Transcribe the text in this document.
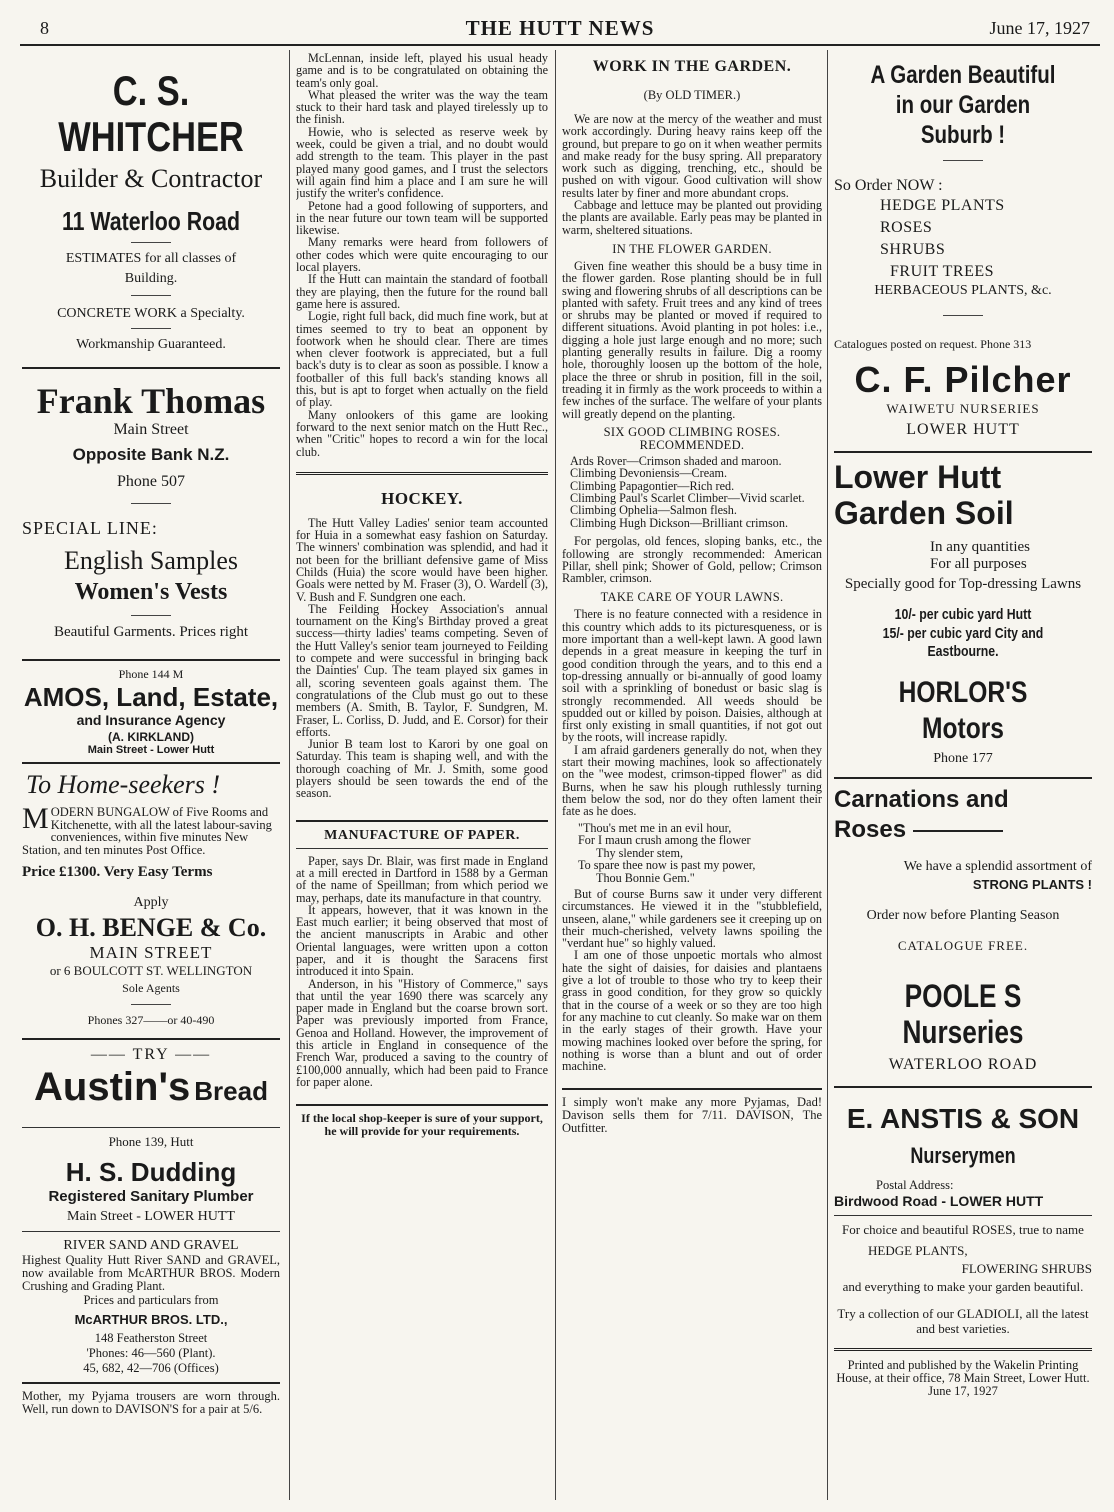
8	THE HUTT NEWS	June 17, 1927
C. S. WHITCHER
Builder & Contractor
11 Waterloo Road
ESTIMATES for all classes of Building.
CONCRETE WORK a Specialty.
Workmanship Guaranteed.
Frank Thomas
Main Street
Opposite Bank N.Z.
Phone 507
SPECIAL LINE:
English Samples
Women's Vests
Beautiful Garments. Prices right
Phone 144 M
AMOS, Land, Estate,
and Insurance Agency
(A. KIRKLAND)
Main Street - Lower Hutt
To Home-seekers !
MODERN BUNGALOW of Five Rooms and Kitchenette, with all the latest labour-saving conveniences, within five minutes New Station, and ten minutes Post Office.
Price £1300. Very Easy Terms
Apply
O. H. BENGE & Co.
MAIN STREET
or 6 BOULCOTT ST. WELLINGTON
Sole Agents
Phones 327——or 40-490
—— TRY ——
Austin's Bread
Phone 139, Hutt
H. S. Dudding
Registered Sanitary Plumber
Main Street - LOWER HUTT
RIVER SAND AND GRAVEL
Highest Quality Hutt River SAND and GRAVEL, now available from McARTHUR BROS. Modern Crushing and Grading Plant.
Prices and particulars from
McARTHUR BROS. LTD.,
148 Featherston Street
'Phones: 46—560 (Plant).
45, 682, 42—706 (Offices)
Mother, my Pyjama trousers are worn through. Well, run down to DAVISON'S for a pair at 5/6.

McLennan, inside left, played his usual heady game and is to be congratulated on obtaining the team's only goal.

What pleased the writer was the way the team stuck to their hard task and played tirelessly up to the finish.

Howie, who is selected as reserve week by week, could be given a trial, and no doubt would add strength to the team. This player in the past played many good games, and I trust the selectors will again find him a place and I am sure he will justify the writer's confidence.

Petone had a good following of supporters, and in the near future our town team will be supported likewise.

Many remarks were heard from followers of other codes which were quite encouraging to our local players.

If the Hutt can maintain the standard of football they are playing, then the future for the round ball game here is assured.

Logie, right full back, did much fine work, but at times seemed to try to beat an opponent by footwork when he should clear. There are times when clever footwork is appreciated, but a full back's duty is to clear as soon as possible. I know a footballer of this full back's standing knows all this, but is apt to forget when actually on the field of play.

Many onlookers of this game are looking forward to the next senior match on the Hutt Rec., when "Critic" hopes to record a win for the local club.

HOCKEY.

The Hutt Valley Ladies' senior team accounted for Huia in a somewhat easy fashion on Saturday. The winners' combination was splendid, and had it not been for the brilliant defensive game of Miss Childs (Huia) the score would have been higher. Goals were netted by M. Fraser (3), O. Wardell (3), V. Bush and F. Sundgren one each.

The Feilding Hockey Association's annual tournament on the King's Birthday proved a great success—thirty ladies' teams competing. Seven of the Hutt Valley's senior team journeyed to Feilding to compete and were successful in bringing back the Dainties' Cup. The team played six games in all, scoring seventeen goals against them. The congratulations of the Club must go out to these members (A. Smith, B. Taylor, F. Sundgren, M. Fraser, L. Corliss, D. Judd, and E. Corsor) for their efforts.

Junior B team lost to Karori by one goal on Saturday. This team is shaping well, and with the thorough coaching of Mr. J. Smith, some good players should be seen towards the end of the season.

MANUFACTURE OF PAPER.

Paper, says Dr. Blair, was first made in England at a mill erected in Dartford in 1588 by a German of the name of Speillman; from which period we may, perhaps, date its manufacture in that country.

It appears, however, that it was known in the East much earlier; it being observed that most of the ancient manuscripts in Arabic and other Oriental languages, were written upon a cotton paper, and it is thought the Saracens first introduced it into Spain.

Anderson, in his "History of Commerce," says that until the year 1690 there was scarcely any paper made in England but the coarse brown sort. Paper was previously imported from France, Genoa and Holland. However, the improvement of this article in England in consequence of the French War, produced a saving to the country of £100,000 annually, which had been paid to France for paper alone.

If the local shop-keeper is sure of your support, he will provide for your requirements.
WORK IN THE GARDEN.
(By OLD TIMER.)

We are now at the mercy of the weather and must work accordingly. During heavy rains keep off the ground, but prepare to go on it when weather permits and make ready for the busy spring. All preparatory work such as digging, trenching, etc., should be pushed on with vigour. Good cultivation will show results later by finer and more abundant crops.

Cabbage and lettuce may be planted out providing the plants are available. Early peas may be planted in warm, sheltered situations.

IN THE FLOWER GARDEN.

Given fine weather this should be a busy time in the flower garden. Rose planting should be in full swing and flowering shrubs of all descriptions can be planted with safety. Fruit trees and any kind of trees or shrubs may be planted or moved if required to different situations. Avoid planting in pot holes: i.e., digging a hole just large enough and no more; such planting generally results in failure. Dig a roomy hole, thoroughly loosen up the bottom of the hole, place the three or shrub in position, fill in the soil, treading it in firmly as the work proceeds to within a few inches of the surface. The welfare of your plants will greatly depend on the planting.

SIX GOOD CLIMBING ROSES. RECOMMENDED.

Ards Rover—Crimson shaded and maroon.

Climbing Devoniensis—Cream.

Climbing Papagontier—Rich red.

Climbing Paul's Scarlet Climber—Vivid scarlet.

Climbing Ophelia—Salmon flesh.

Climbing Hugh Dickson—Brilliant crimson.

For pergolas, old fences, sloping banks, etc., the following are strongly recommended: American Pillar, shell pink; Shower of Gold, pellow; Crimson Rambler, crimson.

TAKE CARE OF YOUR LAWNS.

There is no feature connected with a residence in this country which adds to its picturesqueness, or is more important than a well-kept lawn. A good lawn depends in a great measure in keeping the turf in good condition through the years, and to this end a top-dressing annually or bi-annually of good loamy soil with a sprinkling of bonedust or basic slag is strongly recommended. All weeds should be spudded out or killed by poison. Daisies, although at first only existing in small quantities, if not got out by the roots, will increase rapidly.

I am afraid gardeners generally do not, when they start their mowing machines, look so affectionately on the "wee modest, crimson-tipped flower" as did Burns, when he saw his plough ruthlessly turning them below the sod, nor do they often lament their fate as he does.

"Thou's met me in an evil hour,
For I maun crush among the flower
Thy slender stem,
To spare thee now is past my power,
Thou Bonnie Gem."

But of course Burns saw it under very different circumstances. He viewed it in the "stubblefield, unseen, alane," while gardeners see it creeping up on their much-cherished, velvety lawns spoiling the "verdant hue" so highly valued.

I am one of those unpoetic mortals who almost hate the sight of daisies, for daisies and plantaens give a lot of trouble to those who try to keep their grass in good condition, for they grow so quickly that in the course of a week or so they are too high for any machine to cut cleanly. So make war on them in the early stages of their growth. Have your mowing machines looked over before the spring, for nothing is worse than a blunt and out of order machine.

I simply won't make any more Pyjamas, Dad! Davison sells them for 7/11. DAVISON, The Outfitter.
A Garden Beautiful
in our Garden Suburb !
So Order NOW :
HEDGE PLANTS
ROSES
SHRUBS
FRUIT TREES
HERBACEOUS PLANTS, &c.
Catalogues posted on request. Phone 313
C. F. Pilcher
WAIWETU NURSERIES
LOWER HUTT
Lower Hutt
Garden Soil
In any quantities
For all purposes
Specially good for Top-dressing Lawns
10/- per cubic yard Hutt
15/- per cubic yard City and Eastbourne.
HORLOR'S Motors
Phone 177
Carnations and
Roses
We have a splendid assortment of
STRONG PLANTS !
Order now before Planting Season
CATALOGUE FREE.
POOLE S Nurseries
WATERLOO ROAD
E. ANSTIS & SON
Nurserymen
Postal Address:
Birdwood Road - LOWER HUTT
For choice and beautiful ROSES, true to name
HEDGE PLANTS,
FLOWERING SHRUBS
and everything to make your garden beautiful.
Try a collection of our GLADIOLI, all the latest and best varieties.
Printed and published by the Wakelin Printing House, at their office, 78 Main Street, Lower Hutt.
June 17, 1927
